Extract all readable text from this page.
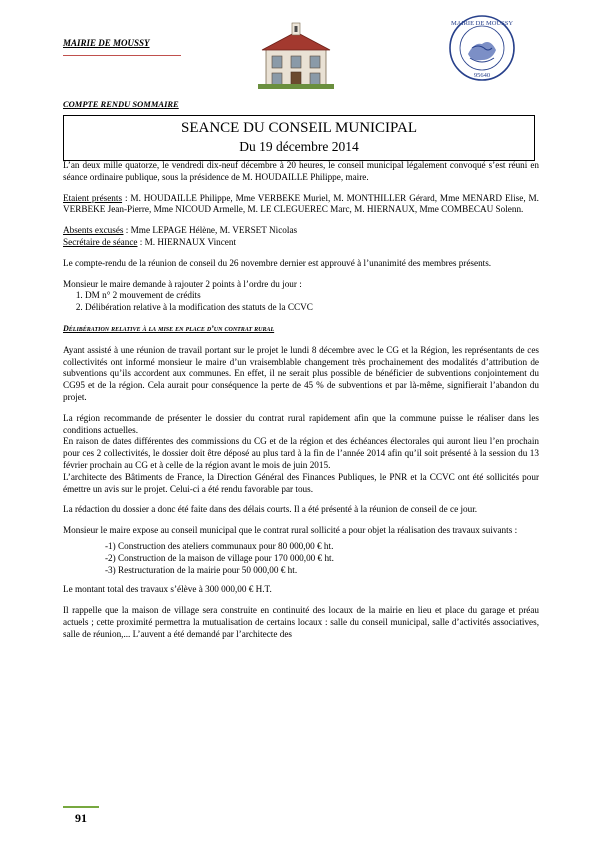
MAIRIE DE MOUSSY
MAIRIE DE MOUSSY
95640
COMPTE RENDU SOMMAIRE
SEANCE DU CONSEIL MUNICIPAL
Du 19 décembre 2014

L’an deux mille quatorze, le vendredi dix-neuf décembre à 20 heures, le conseil municipal légalement convoqué s’est réuni en séance ordinaire publique, sous la présidence de M. HOUDAILLE Philippe, maire.

Etaient présents : M. HOUDAILLE Philippe, Mme VERBEKE Muriel, M. MONTHILLER Gérard, Mme MENARD Elise, M. VERBEKE Jean-Pierre, Mme NICOUD Armelle, M. LE CLEGUEREC Marc, M. HIERNAUX, Mme COMBECAU Solenn.

Absents excusés : Mme LEPAGE Hélène, M. VERSET Nicolas

Secrétaire de séance : M. HIERNAUX Vincent

Le compte-rendu de la réunion de conseil du 26 novembre dernier est approuvé à l’unanimité des membres présents.

Monsieur le maire demande à rajouter 2 points à l’ordre du jour :

1. DM n° 2 mouvement de crédits
2. Délibération relative à la modification des statuts de la CCVC
Délibération relative à la mise en place d’un contrat rural

Ayant assisté à une réunion de travail portant sur le projet le lundi 8 décembre avec le CG et la Région, les représentants de ces collectivités ont informé monsieur le maire d’un vraisemblable changement très prochainement des modalités d’attribution de subventions qu’ils accordent aux communes. En effet, il ne serait plus possible de bénéficier de subventions conjointement du CG95 et de la région. Cela aurait pour conséquence la perte de 45 % de subventions et par là-même, signifierait l’abandon du projet.

La région recommande de présenter le dossier du contrat rural rapidement afin que la commune puisse le réaliser dans les conditions actuelles.

En raison de dates différentes des commissions du CG et de la région et des échéances électorales qui auront lieu l’en prochain pour ces 2 collectivités, le dossier doit être déposé au plus tard à la fin de l’année 2014 afin qu’il soit présenté à la session du 13 février prochain au CG et à celle de la région avant le mois de juin 2015.

L’architecte des Bâtiments de France, la Direction Général des Finances Publiques, le PNR et la CCVC ont été sollicités pour émettre un avis sur le projet. Celui-ci a été rendu favorable par tous.

La rédaction du dossier a donc été faite dans des délais courts. Il a été présenté à la réunion de conseil de ce jour.

Monsieur le maire expose au conseil municipal que le contrat rural sollicité a pour objet la réalisation des travaux suivants :

-1) Construction des ateliers communaux pour 80 000,00 € ht.
-2) Construction de la maison de village pour 170 000,00 € ht.
-3) Restructuration de la mairie pour 50 000,00 € ht.

Le montant total des travaux s’élève à 300 000,00 € H.T.

Il rappelle que la maison de village sera construite en continuité des locaux de la mairie en lieu et place du garage et préau actuels ; cette proximité permettra la mutualisation de certains locaux : salle du conseil municipal, salle d’activités associatives, salle de réunion,... L’auvent a été demandé par l’architecte des

91
